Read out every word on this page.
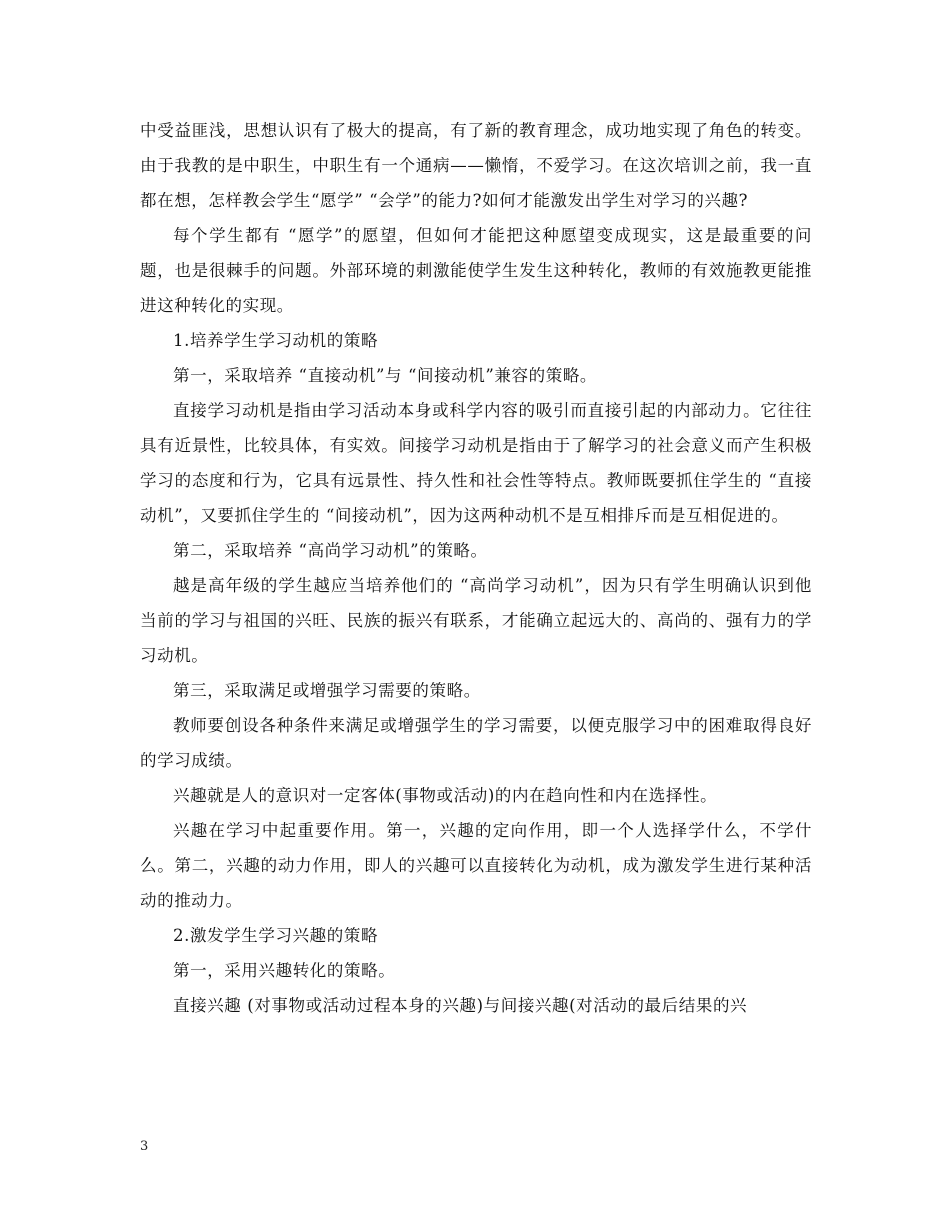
中受益匪浅，思想认识有了极大的提高，有了新的教育理念，成功地实现了角色的转变。由于我教的是中职生，中职生有一个通病——懒惰，不爱学习。在这次培训之前，我一直都在想，怎样教会学生“愿学” “会学”的能力?如何才能激发出学生对学习的兴趣?

每个学生都有 “愿学”的愿望，但如何才能把这种愿望变成现实，这是最重要的问题，也是很棘手的问题。外部环境的刺激能使学生发生这种转化，教师的有效施教更能推进这种转化的实现。

1.培养学生学习动机的策略

第一，采取培养 “直接动机”与 “间接动机”兼容的策略。

直接学习动机是指由学习活动本身或科学内容的吸引而直接引起的内部动力。它往往具有近景性，比较具体，有实效。间接学习动机是指由于了解学习的社会意义而产生积极学习的态度和行为，它具有远景性、持久性和社会性等特点。教师既要抓住学生的 “直接动机”，又要抓住学生的 “间接动机”，因为这两种动机不是互相排斥而是互相促进的。

第二，采取培养 “高尚学习动机”的策略。

越是高年级的学生越应当培养他们的 “高尚学习动机”，因为只有学生明确认识到他当前的学习与祖国的兴旺、民族的振兴有联系，才能确立起远大的、高尚的、强有力的学习动机。

第三，采取满足或增强学习需要的策略。

教师要创设各种条件来满足或增强学生的学习需要，以便克服学习中的困难取得良好的学习成绩。

兴趣就是人的意识对一定客体(事物或活动)的内在趋向性和内在选择性。

兴趣在学习中起重要作用。第一，兴趣的定向作用，即一个人选择学什么，不学什么。第二，兴趣的动力作用，即人的兴趣可以直接转化为动机，成为激发学生进行某种活动的推动力。

2.激发学生学习兴趣的策略

第一，采用兴趣转化的策略。

直接兴趣 (对事物或活动过程本身的兴趣)与间接兴趣(对活动的最后结果的兴

3
